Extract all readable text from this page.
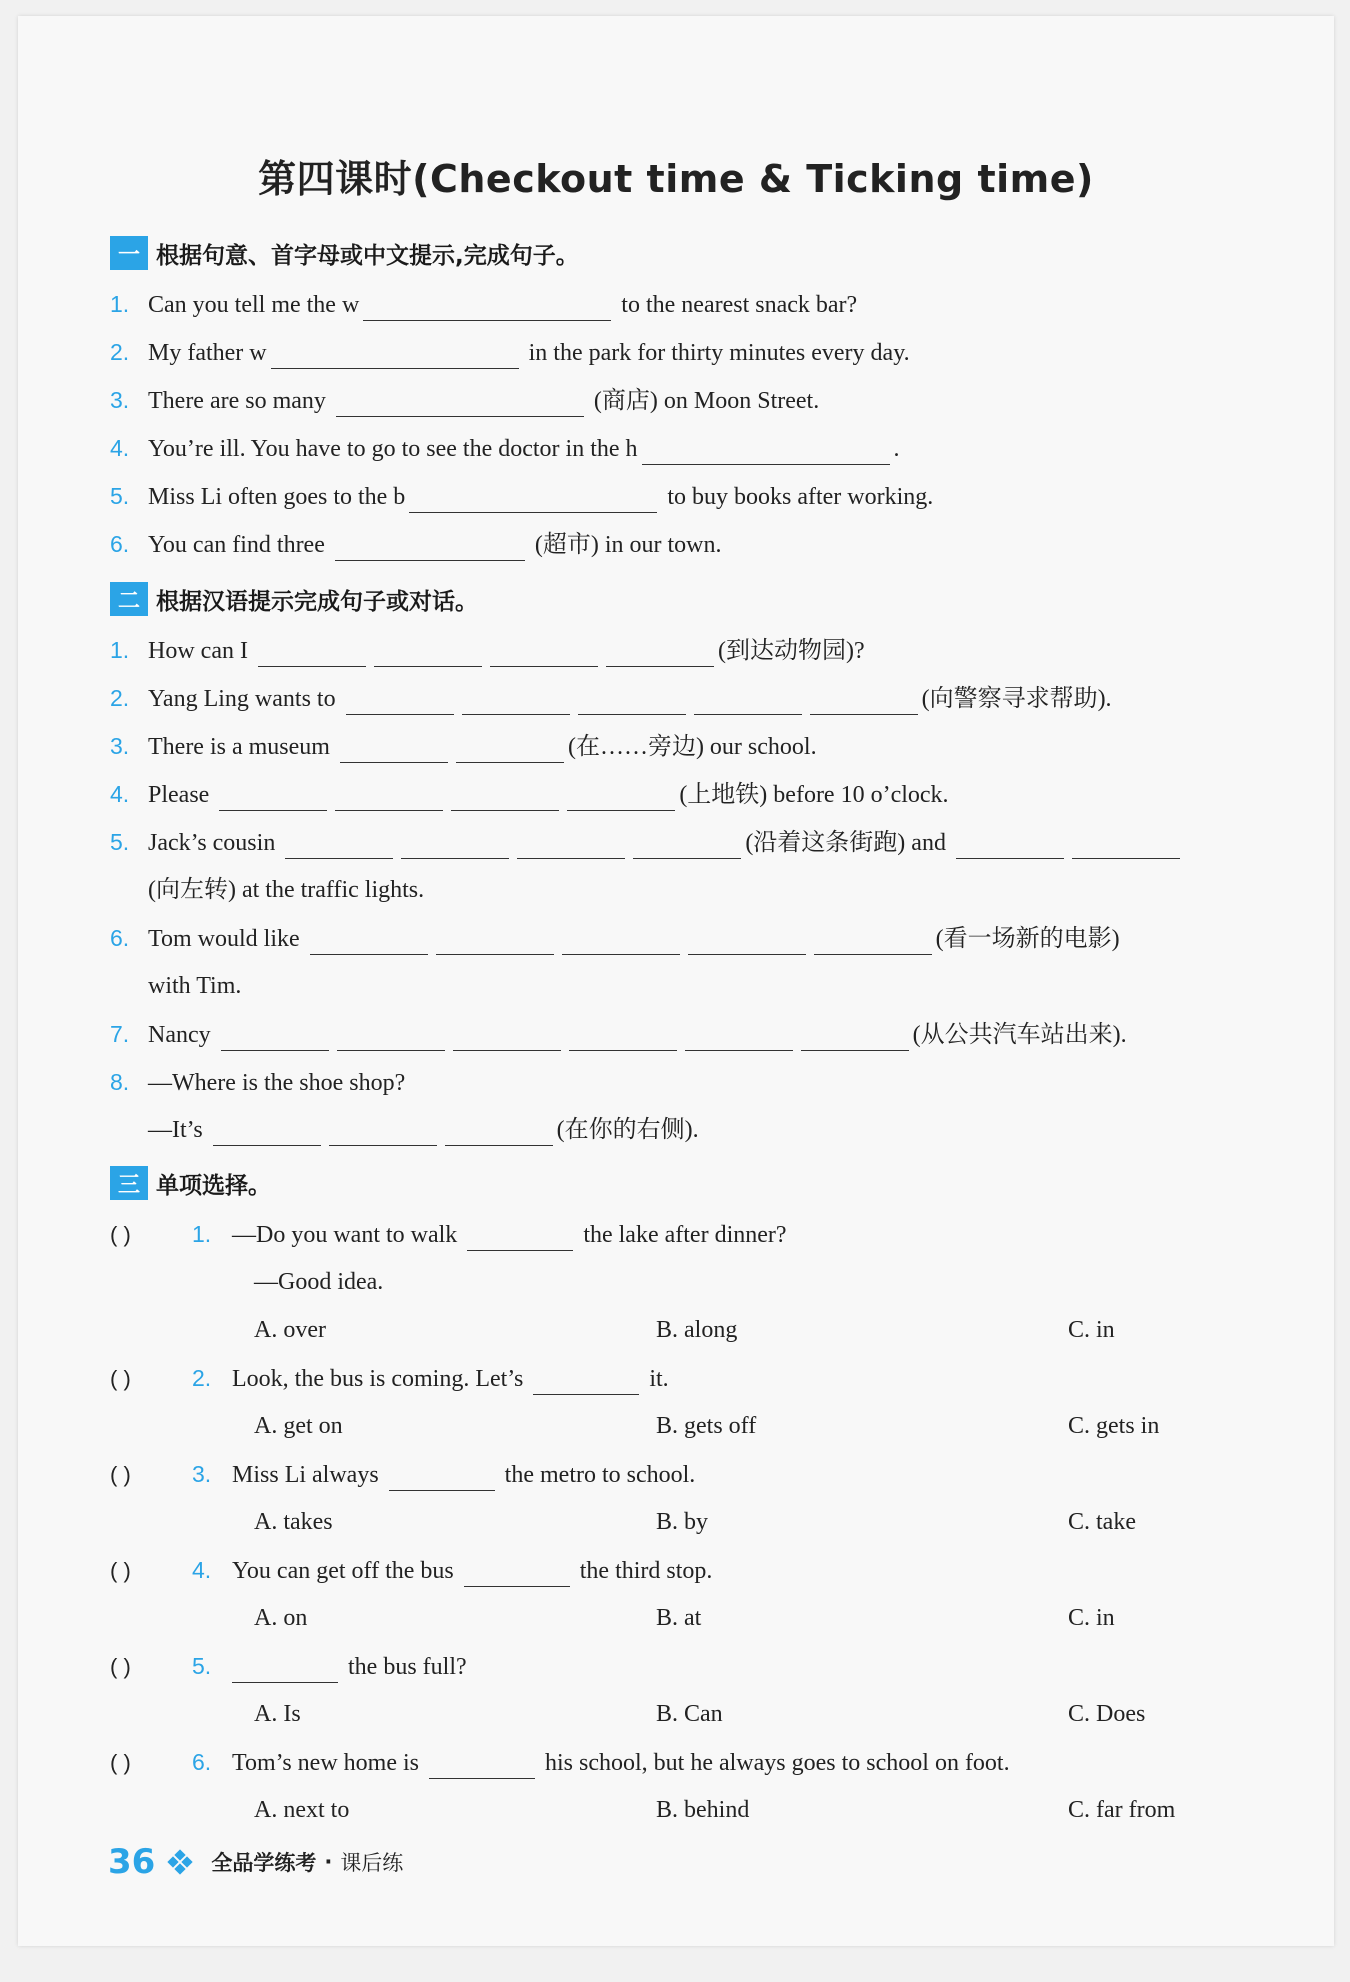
第四课时(Checkout time & Ticking time)
一 根据句意、首字母或中文提示,完成句子。
1. Can you tell me the w	to the nearest snack bar?
2. My father w	in the park for thirty minutes every day.
3. There are so many	(商店) on Moon Street.
4. You’re ill. You have to go to see the doctor in the h	.
5. Miss Li often goes to the b	to buy books after working.
6. You can find three	(超市) in our town.
二 根据汉语提示完成句子或对话。
1. How can I	(到达动物园)?
2. Yang Ling wants to	(向警察寻求帮助).
3. There is a museum	(在……旁边) our school.
4. Please	(上地铁) before 10 o’clock.
5. Jack’s cousin	(沿着这条街跑) and
(向左转) at the traffic lights.
6. Tom would like	(看一场新的电影)
with Tim.
7. Nancy	(从公共汽车站出来).
8. —Where is the shoe shop?
—It’s	(在你的右侧).
三 单项选择。
( )	1. —Do you want to walk	the lake after dinner?
—Good idea.
A. over	B. along	C. in
( )	2. Look, the bus is coming. Let’s	it.
A. get on	B. gets off	C. gets in
( )	3. Miss Li always	the metro to school.
A. takes	B. by	C. take
( )	4. You can get off the bus	the third stop.
A. on	B. at	C. in
( )	5.	the bus full?
A. Is	B. Can	C. Does
( )	6. Tom’s new home is	his school, but he always goes to school on foot.
A. next to	B. behind	C. far from
36	全品学练考 · 课后练
